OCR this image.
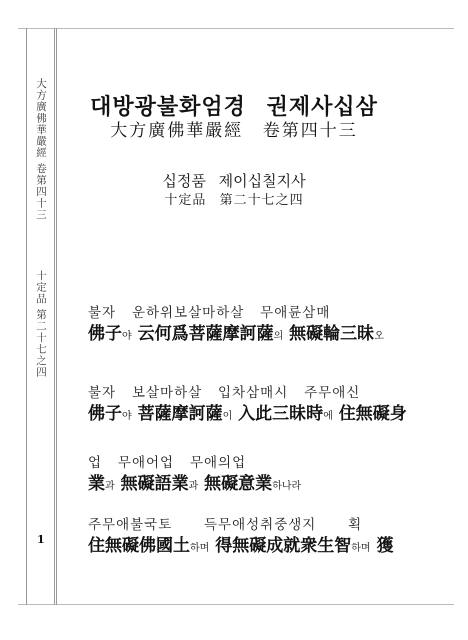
大方廣佛華嚴經 卷第四十三
十定品 第二十七之四
1
대방광불화엄경 권제사십삼
大方廣佛華嚴經 卷第四十三
십정품 제이십칠지사
十定品 第二十七之四
불자   운하위보살마하살   무애륜삼매
佛子야 云何爲菩薩摩訶薩의 無礙輪三昧오
불자   보살마하살   입차삼매시   주무애신
佛子야 菩薩摩訶薩이 入此三昧時에 住無礙身
업   무애어업   무애의업
業과 無礙語業과 無礙意業하나라
주무애불국토      득무애성취중생지      획
住無礙佛國土하며 得無礙成就衆生智하며 獲
